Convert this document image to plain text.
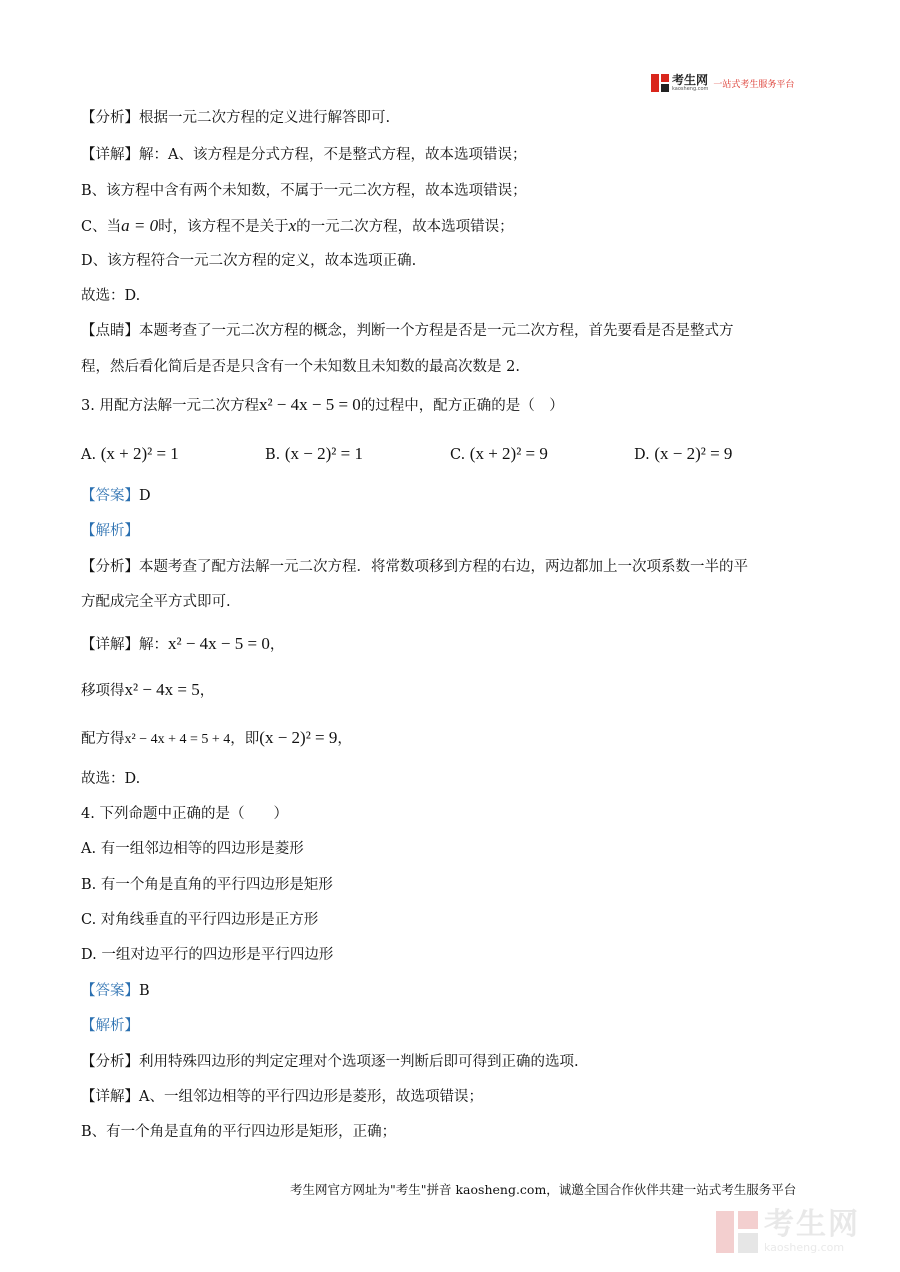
考生网
kaosheng.com 一站式考生服务平台
【分析】根据一元二次方程的定义进行解答即可.
【详解】解：A、该方程是分式方程，不是整式方程，故本选项错误；
B、该方程中含有两个未知数，不属于一元二次方程，故本选项错误；
C、当a = 0时，该方程不是关于x的一元二次方程，故本选项错误；
D、该方程符合一元二次方程的定义，故本选项正确.
故选：D.
【点睛】本题考查了一元二次方程的概念，判断一个方程是否是一元二次方程，首先要看是否是整式方
程，然后看化简后是否是只含有一个未知数且未知数的最高次数是 2.
3. 用配方法解一元二次方程x² − 4x − 5 = 0的过程中，配方正确的是（　）
A. (x + 2)² = 1	B. (x − 2)² = 1	C. (x + 2)² = 9	D. (x − 2)² = 9
【答案】D
【解析】
【分析】本题考查了配方法解一元二次方程．将常数项移到方程的右边，两边都加上一次项系数一半的平
方配成完全平方式即可.
【详解】解：x² − 4x − 5 = 0，
移项得x² − 4x = 5，
配方得x² − 4x + 4 = 5 + 4，即(x − 2)² = 9，
故选：D.
4. 下列命题中正确的是（　　）
A. 有一组邻边相等的四边形是菱形
B. 有一个角是直角的平行四边形是矩形
C. 对角线垂直的平行四边形是正方形
D. 一组对边平行的四边形是平行四边形
【答案】B
【解析】
【分析】利用特殊四边形的判定定理对个选项逐一判断后即可得到正确的选项.
【详解】A、一组邻边相等的平行四边形是菱形，故选项错误；
B、有一个角是直角的平行四边形是矩形，正确；
考生网官方网址为"考生"拼音 kaosheng.com，诚邀全国合作伙伴共建一站式考生服务平台
考生网
kaosheng.com
